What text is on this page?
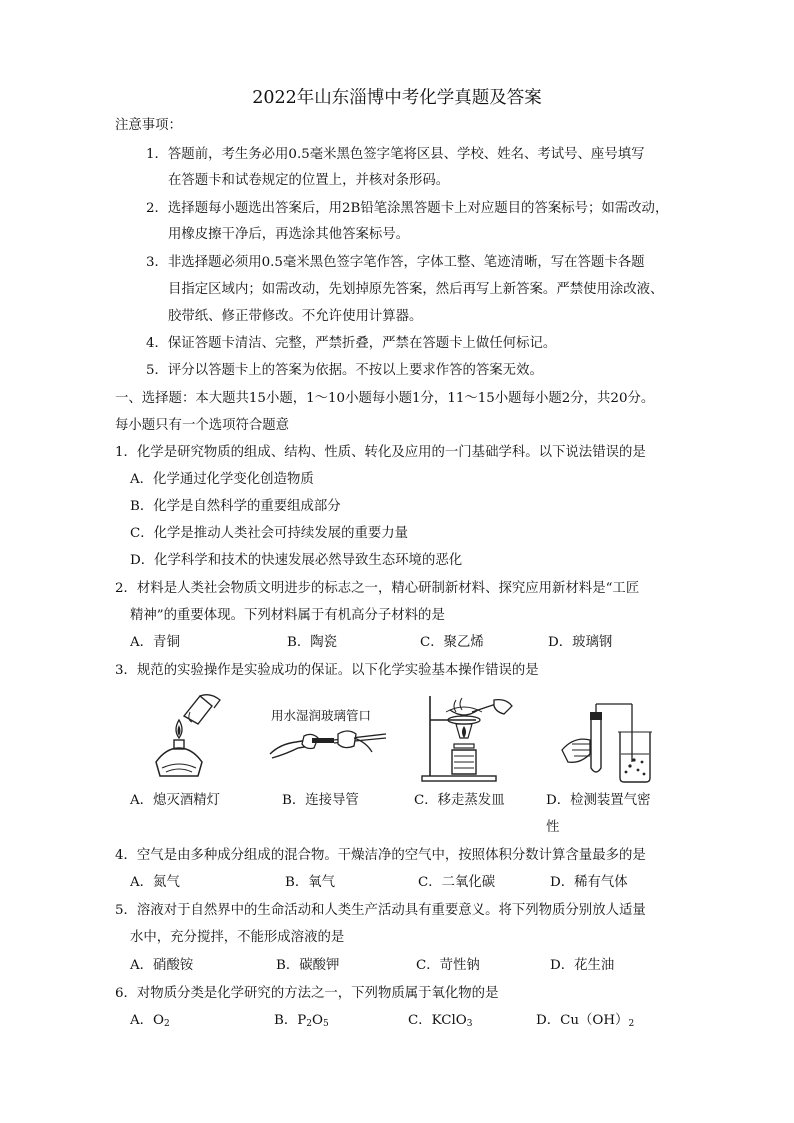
2022年山东淄博中考化学真题及答案
注意事项：
1．答题前，考生务必用0.5毫米黑色签字笔将区县、学校、姓名、考试号、座号填写
在答题卡和试卷规定的位置上，并核对条形码。
2．选择题每小题选出答案后，用2B铅笔涂黑答题卡上对应题目的答案标号；如需改动，
用橡皮擦干净后，再选涂其他答案标号。
3．非选择题必须用0.5毫米黑色签字笔作答，字体工整、笔迹清晰，写在答题卡各题
目指定区域内；如需改动，先划掉原先答案，然后再写上新答案。严禁使用涂改液、
胶带纸、修正带修改。不允许使用计算器。
4．保证答题卡清洁、完整，严禁折叠，严禁在答题卡上做任何标记。
5．评分以答题卡上的答案为依据。不按以上要求作答的答案无效。
一、选择题：本大题共15小题，1～10小题每小题1分，11～15小题每小题2分，共20分。
每小题只有一个选项符合题意
1．化学是研究物质的组成、结构、性质、转化及应用的一门基础学科。以下说法错误的是
A．化学通过化学变化创造物质
B．化学是自然科学的重要组成部分
C．化学是推动人类社会可持续发展的重要力量
D．化学科学和技术的快速发展必然导致生态环境的恶化
2．材料是人类社会物质文明进步的标志之一，精心研制新材料、探究应用新材料是“工匠
精神”的重要体现。下列材料属于有机高分子材料的是
A．青铜	B．陶瓷	C．聚乙烯	D．玻璃钢
3．规范的实验操作是实验成功的保证。以下化学实验基本操作错误的是
用水湿润玻璃管口
A．熄灭酒精灯	B．连接导管	C．移走蒸发皿	D．检测装置气密
性
4．空气是由多种成分组成的混合物。干燥洁净的空气中，按照体积分数计算含量最多的是
A．氮气	B．氧气	C．二氧化碳	D．稀有气体
5．溶液对于自然界中的生命活动和人类生产活动具有重要意义。将下列物质分别放人适量
水中，充分搅拌，不能形成溶液的是
A．硝酸铵	B．碳酸钾	C．苛性钠	D．花生油
6．对物质分类是化学研究的方法之一，下列物质属于氧化物的是
A．$O_2$	B．$P_2O_5$	C．KClO$_3$	D．$Cu(OH)_2$
